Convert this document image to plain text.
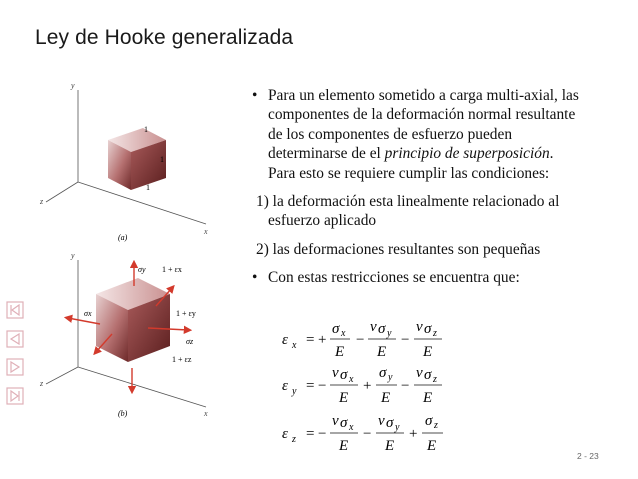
Ley de Hooke generalizada
y
x
z
1
1
1
(a)
y
x
z
σy
σx
σz
1 + εx
1 + εy
1 + εz
(b)
• Para un elemento sometido a carga multi-axial, las
componentes de la deformación normal resultante
de los componentes de esfuerzo pueden
determinarse de el principio de superposición.
Para esto se requiere cumplir las condiciones:
1) la deformación esta linealmente relacionado al
esfuerzo aplicado
2) las deformaciones resultantes son pequeñas
• Con estas restricciones se encuentra que:
ε x = +
σ x
E
−
ν σ y
E
−
ν σ z
E
ε y = −
ν σ x
E
+
σ y
E
−
ν σ z
E
ε z = −
ν σ x
E
−
ν σ y
E
+
σ z
E
2 - 23
